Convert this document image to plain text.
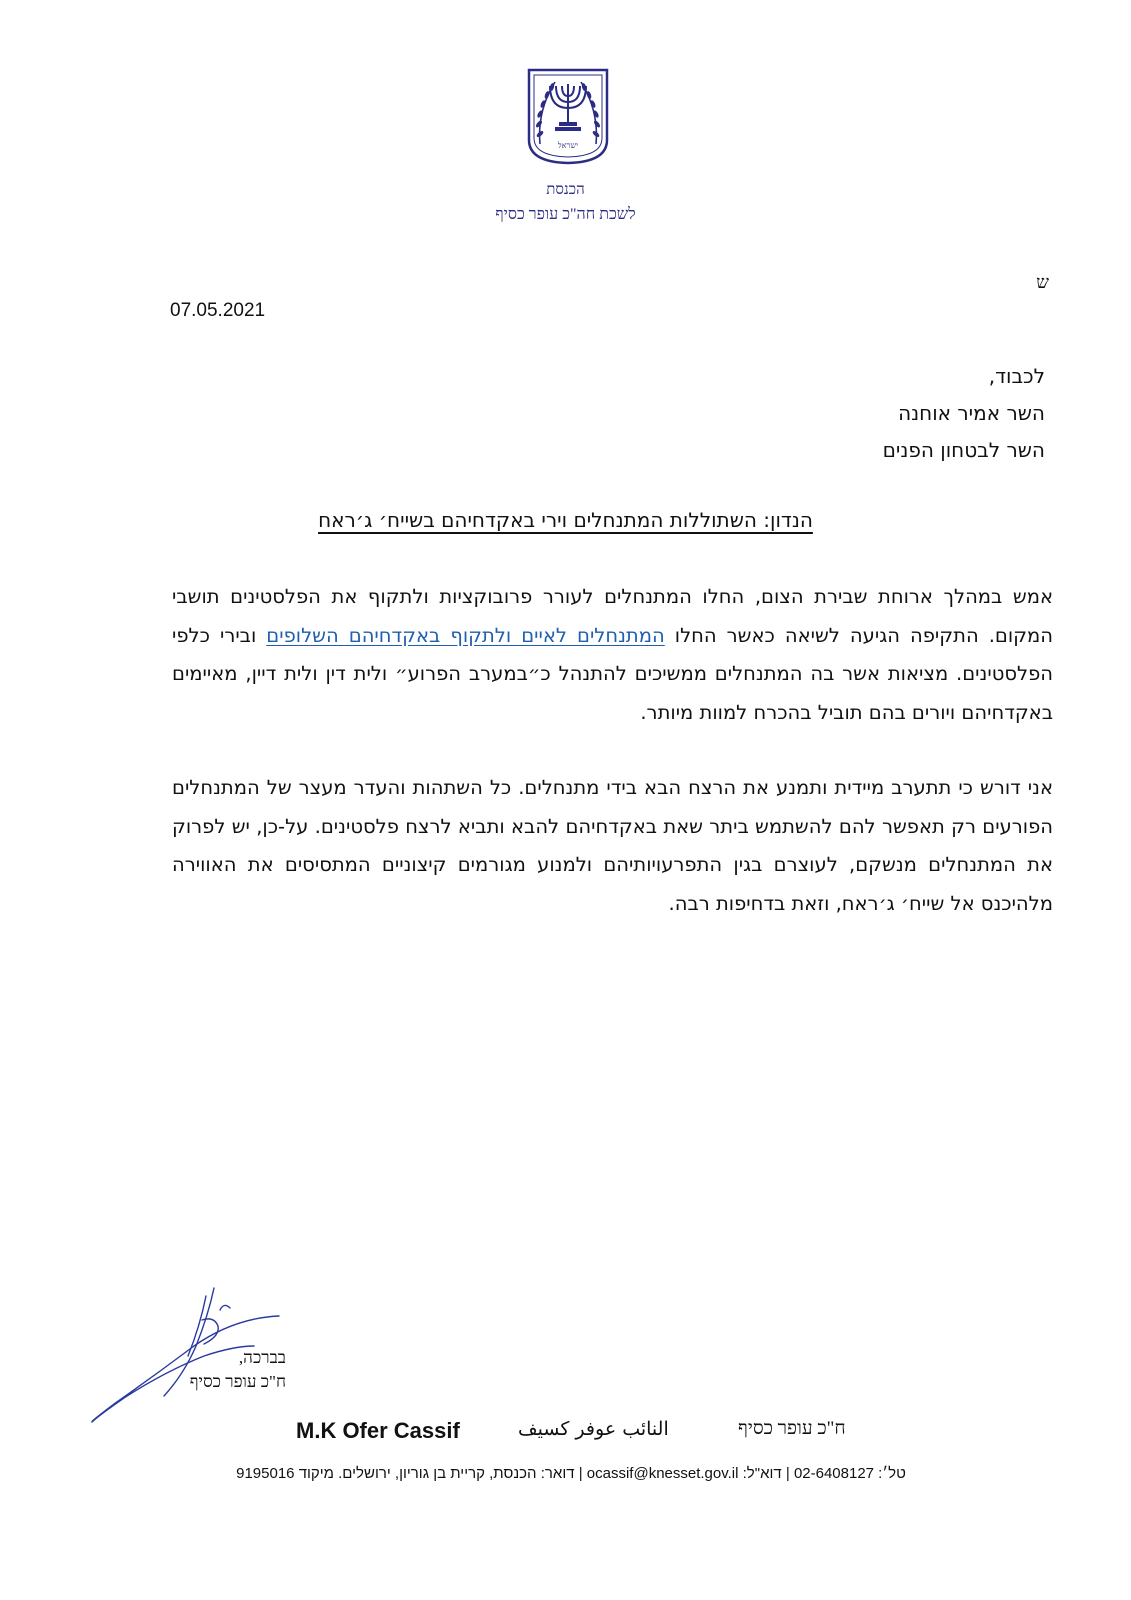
ישראל
הכנסת
לשכת חה"כ עופר כסיף
ש
07.05.2021
לכבוד,
השר אמיר אוחנה
השר לבטחון הפנים
הנדון: השתוללות המתנחלים וירי באקדחיהם בשייח׳ ג׳ראח
אמש במהלך ארוחת שבירת הצום, החלו המתנחלים לעורר פרובוקציות ולתקוף את הפלסטינים תושבי המקום. התקיפה הגיעה לשיאה כאשר החלו המתנחלים לאיים ולתקוף באקדחיהם השלופים ובירי כלפי הפלסטינים. מציאות אשר בה המתנחלים ממשיכים להתנהל כ״במערב הפרוע״ ולית דין ולית דיין, מאיימים באקדחיהם ויורים בהם תוביל בהכרח למוות מיותר.
אני דורש כי תתערב מיידית ותמנע את הרצח הבא בידי מתנחלים. כל השתהות והעדר מעצר של המתנחלים הפורעים רק תאפשר להם להשתמש ביתר שאת באקדחיהם להבא ותביא לרצח פלסטינים. על-כן, יש לפרוק את המתנחלים מנשקם, לעוצרם בגין התפרעויותיהם ולמנוע מגורמים קיצוניים המתסיסים את האווירה מלהיכנס אל שייח׳ ג׳ראח, וזאת בדחיפות רבה.
בברכה,
ח"כ עופר כסיף
M.K Ofer Cassif	النائب عوفر كسيف	ח"כ עופר כסיף
טל׳: 02-6408127 | דוא"ל: ocassif@knesset.gov.il | דואר: הכנסת, קריית בן גוריון, ירושלים. מיקוד 9195016
